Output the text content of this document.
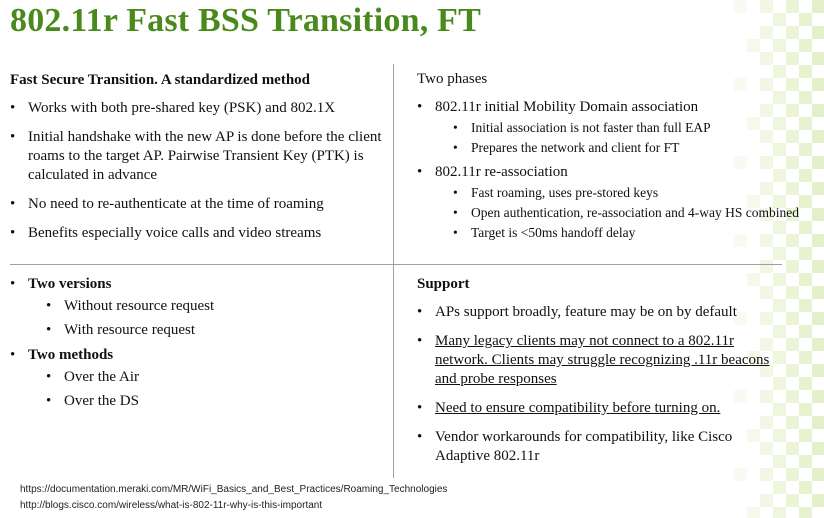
802.11r Fast BSS Transition, FT

Fast Secure Transition. A standardized method

• Works with both pre-shared key (PSK) and 802.1X
• Initial handshake with the new AP is done before the client roams to the target AP. Pairwise Transient Key (PTK) is calculated in advance
• No need to re-authenticate at the time of roaming
• Benefits especially voice calls and video streams

Two phases

• 802.11r initial Mobility Domain association
• Initial association is not faster than full EAP
• Prepares the network and client for FT
• 802.11r re-association
• Fast roaming, uses pre-stored keys
• Open authentication, re-association and 4-way HS combined
• Target is <50ms handoff delay
• Two versions
• Without resource request
• With resource request
• Two methods
• Over the Air
• Over the DS

Support

• APs support broadly, feature may be on by default
• Many legacy clients may not connect to a 802.11r network. Clients may struggle recognizing .11r beacons and probe responses
• Need to ensure compatibility before turning on.
• Vendor workarounds for compatibility, like Cisco Adaptive 802.11r
https://documentation.meraki.com/MR/WiFi_Basics_and_Best_Practices/Roaming_Technologies
http://blogs.cisco.com/wireless/what-is-802-11r-why-is-this-important
